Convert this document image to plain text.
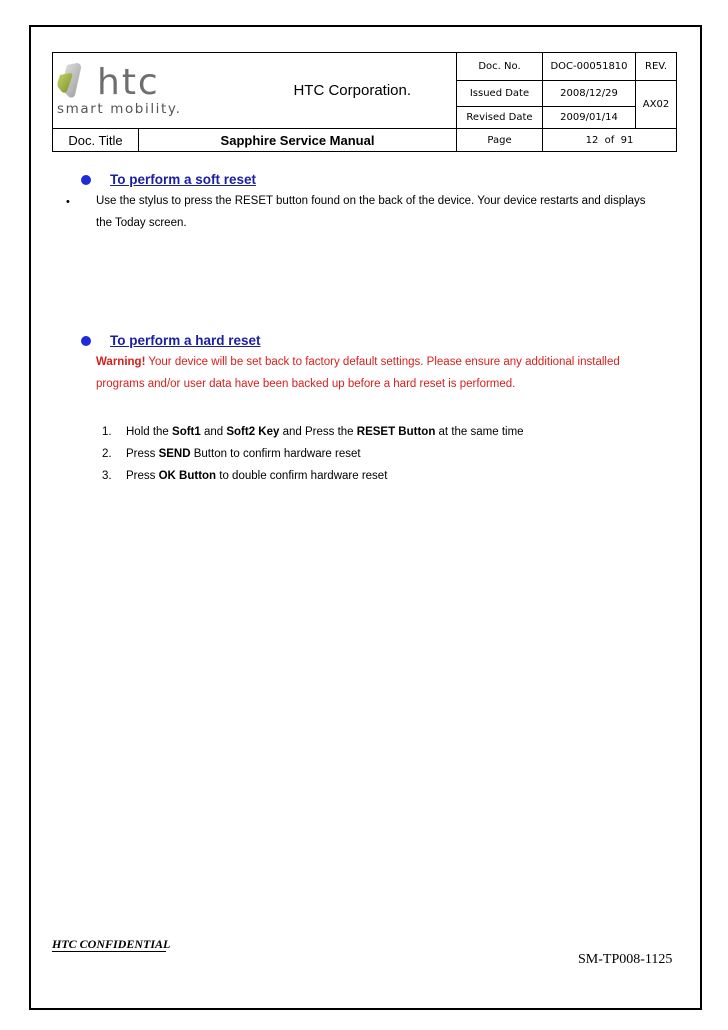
htc
smart mobility.		HTC Corporation.	Doc. No.	DOC-00051810	REV.
			Issued Date	2008/12/29	AX02
			Revised Date	2009/01/14	
Doc. Title	Sapphire Service Manual		Page	12  of  91	
To perform a soft reset
• Use the stylus to press the RESET button found on the back of the device. Your device restarts and displays
the Today screen.
To perform a hard reset
Warning! Your device will be set back to factory default settings. Please ensure any additional installed
programs and/or user data have been backed up before a hard reset is performed.
1. Hold the Soft1 and Soft2 Key and Press the RESET Button at the same time
2. Press SEND Button to confirm hardware reset
3. Press OK Button to double confirm hardware reset
HTC CONFIDENTIAL
SM-TP008-1125
